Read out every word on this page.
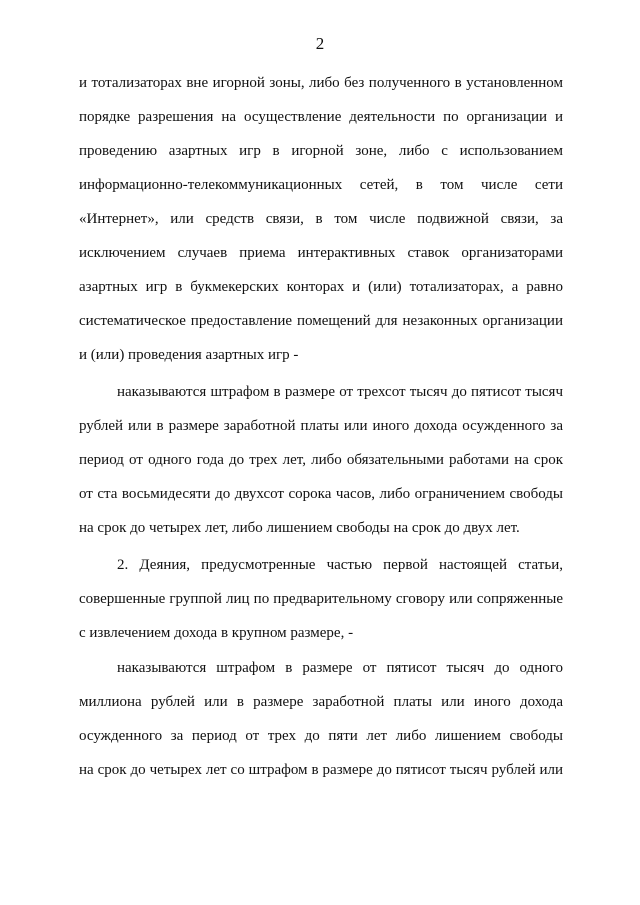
2
и тотализаторах вне игорной зоны, либо без полученного в установленном
порядке разрешения на осуществление деятельности по организации и
проведению азартных игр в игорной зоне, либо с использованием
информационно-телекоммуникационных сетей, в том числе сети
«Интернет», или средств связи, в том числе подвижной связи, за
исключением случаев приема интерактивных ставок организаторами
азартных игр в букмекерских конторах и (или) тотализаторах, а равно
систематическое предоставление помещений для незаконных организации
и (или) проведения азартных игр -
наказываются штрафом в размере от трехсот тысяч до пятисот тысяч
рублей или в размере заработной платы или иного дохода осужденного за
период от одного года до трех лет, либо обязательными работами на срок
от ста восьмидесяти до двухсот сорока часов, либо ограничением свободы
на срок до четырех лет, либо лишением свободы на срок до двух лет.
2. Деяния, предусмотренные частью первой настоящей статьи,
совершенные группой лиц по предварительному сговору или сопряженные
с извлечением дохода в крупном размере, -
наказываются штрафом в размере от пятисот тысяч до одного
миллиона рублей или в размере заработной платы или иного дохода
осужденного за период от трех до пяти лет либо лишением свободы
на срок до четырех лет со штрафом в размере до пятисот тысяч рублей или
